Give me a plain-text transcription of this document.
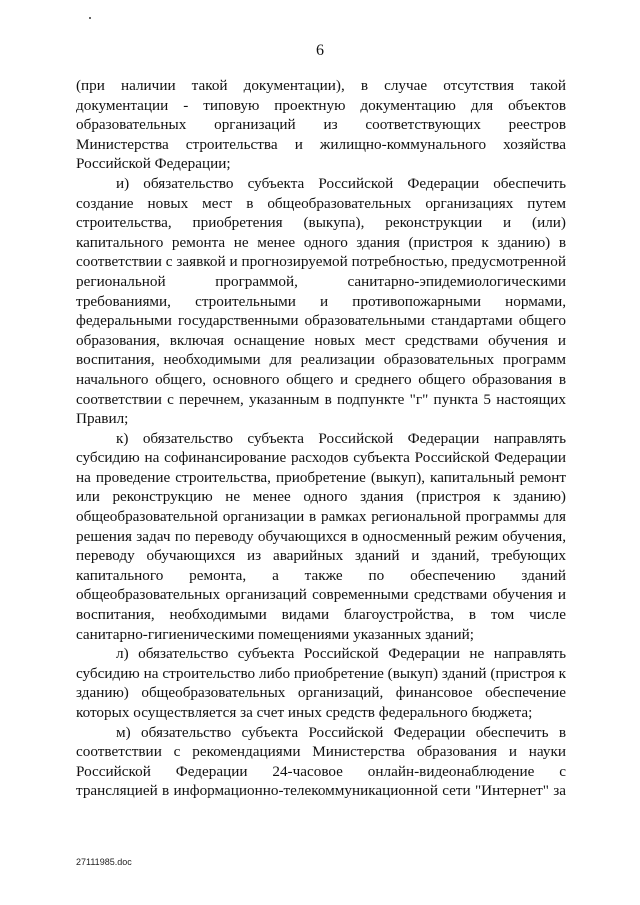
6

(при наличии такой документации), в случае отсутствия такой документации - типовую проектную документацию для объектов образовательных организаций из соответствующих реестров Министерства строительства и жилищно-коммунального хозяйства Российской Федерации;

и) обязательство субъекта Российской Федерации обеспечить создание новых мест в общеобразовательных организациях путем строительства, приобретения (выкупа), реконструкции и (или) капитального ремонта не менее одного здания (пристроя к зданию) в соответствии с заявкой и прогнозируемой потребностью, предусмотренной региональной программой, санитарно-эпидемиологическими требованиями, строительными и противопожарными нормами, федеральными государственными образовательными стандартами общего образования, включая оснащение новых мест средствами обучения и воспитания, необходимыми для реализации образовательных программ начального общего, основного общего и среднего общего образования в соответствии с перечнем, указанным в подпункте "г" пункта 5 настоящих Правил;

к) обязательство субъекта Российской Федерации направлять субсидию на софинансирование расходов субъекта Российской Федерации на проведение строительства, приобретение (выкуп), капитальный ремонт или реконструкцию не менее одного здания (пристроя к зданию) общеобразовательной организации в рамках региональной программы для решения задач по переводу обучающихся в односменный режим обучения, переводу обучающихся из аварийных зданий и зданий, требующих капитального ремонта, а также по обеспечению зданий общеобразовательных организаций современными средствами обучения и воспитания, необходимыми видами благоустройства, в том числе санитарно-гигиеническими помещениями указанных зданий;

л) обязательство субъекта Российской Федерации не направлять субсидию на строительство либо приобретение (выкуп) зданий (пристроя к зданию) общеобразовательных организаций, финансовое обеспечение которых осуществляется за счет иных средств федерального бюджета;

м) обязательство субъекта Российской Федерации обеспечить в соответствии с рекомендациями Министерства образования и науки Российской Федерации 24-часовое онлайн-видеонаблюдение с трансляцией в информационно-телекоммуникационной сети "Интернет" за

27111985.doc
